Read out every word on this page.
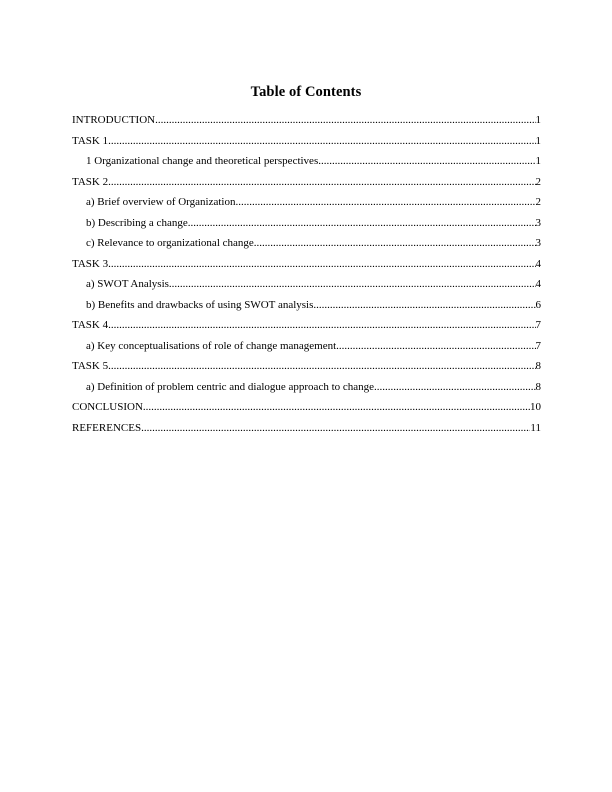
Table of Contents
INTRODUCTION .....	1
TASK 1 .....	1
1 Organizational change and theoretical perspectives .....	1
TASK 2 .....	2
a) Brief overview of Organization .....	2
b) Describing a change .....	3
c) Relevance to organizational change .....	3
TASK 3 .....	4
a) SWOT Analysis .....	4
b) Benefits and drawbacks of using SWOT analysis .....	6
TASK 4 .....	7
a) Key conceptualisations of role of change management .....	7
TASK 5 .....	8
a) Definition of problem centric and dialogue approach to change .....	8
CONCLUSION .....	10
REFERENCES .....	11
